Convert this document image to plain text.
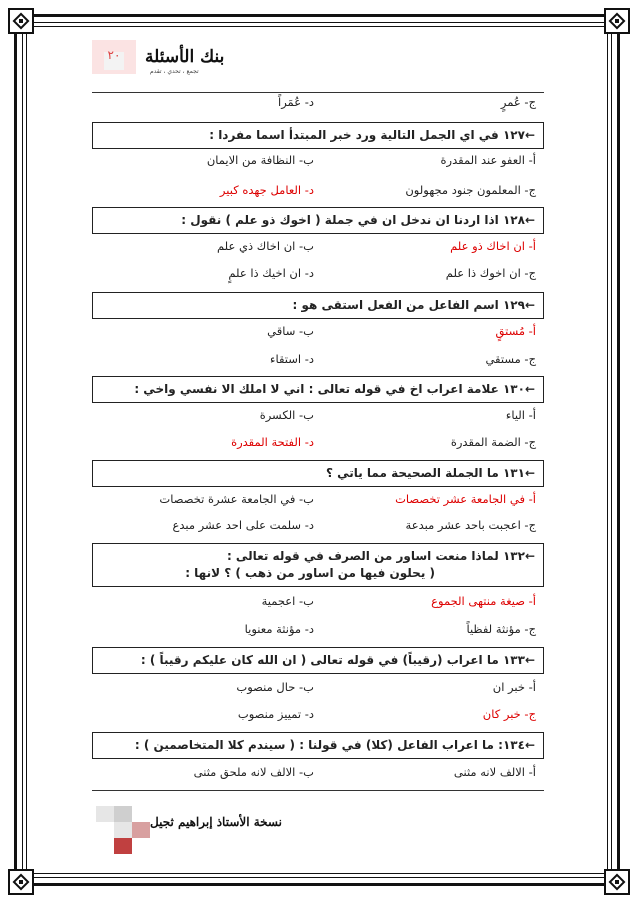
٢٠	بنك الأسئلة
تجمع ، تحدي ، تقدم
ج- عُمرٍ
د- عُمَراً
←١٢٧ في اي الجمل التالية ورد خبر المبتدأ اسما مفردا :
أ- العفو عند المقدرة
ب- النظافة من الايمان
ج- المعلمون جنود مجهولون
د- العامل جهده كبير
←١٢٨ اذا اردنا ان ندخل ان في جملة ( اخوك ذو علم ) نقول :
أ- ان اخاك ذو علم
ب- ان اخاك ذي علم
ج- ان اخوك ذا علم
د- ان اخيك ذا علمٍ
←١٢٩ اسم الفاعل من الفعل استقى هو :
أ- مُستقٍ
ب- ساقي
ج- مستقي
د- استقاء
←١٣٠ علامة اعراب اخ في قوله تعالى : اني لا املك الا نفسي واخي :
أ- الياء
ب- الكسرة
ج- الضمة المقدرة
د- الفتحة المقدرة
←١٣١ ما الجملة الصحيحة مما ياتي ؟
أ- في الجامعة عشر تخصصات
ب- في الجامعة عشرة تخصصات
ج- اعجبت باحد عشر مبدعة
د- سلمت على احد عشر مبدع
←١٣٢ لماذا منعت اساور من الصرف في قوله تعالى :
( يحلون فيها من اساور من ذهب ) ؟ لانها :
أ- صيغة منتهى الجموع
ب- اعجمية
ج- مؤنثة لفظياً
د- مؤنثة معنويا
←١٣٣ ما اعراب (رقيباً) في قوله تعالى ( ان الله كان عليكم رقيباً ) :
أ- خبر ان
ب- حال منصوب
ج- خبر كان
د- تمييز منصوب
←١٣٤: ما اعراب الفاعل (كلا) في قولنا : ( سيندم كلا المتخاصمين ) :
أ- الالف لانه مثنى
ب- الالف لانه ملحق مثنى
نسخة الأستاذ إبراهيم ثجيل
